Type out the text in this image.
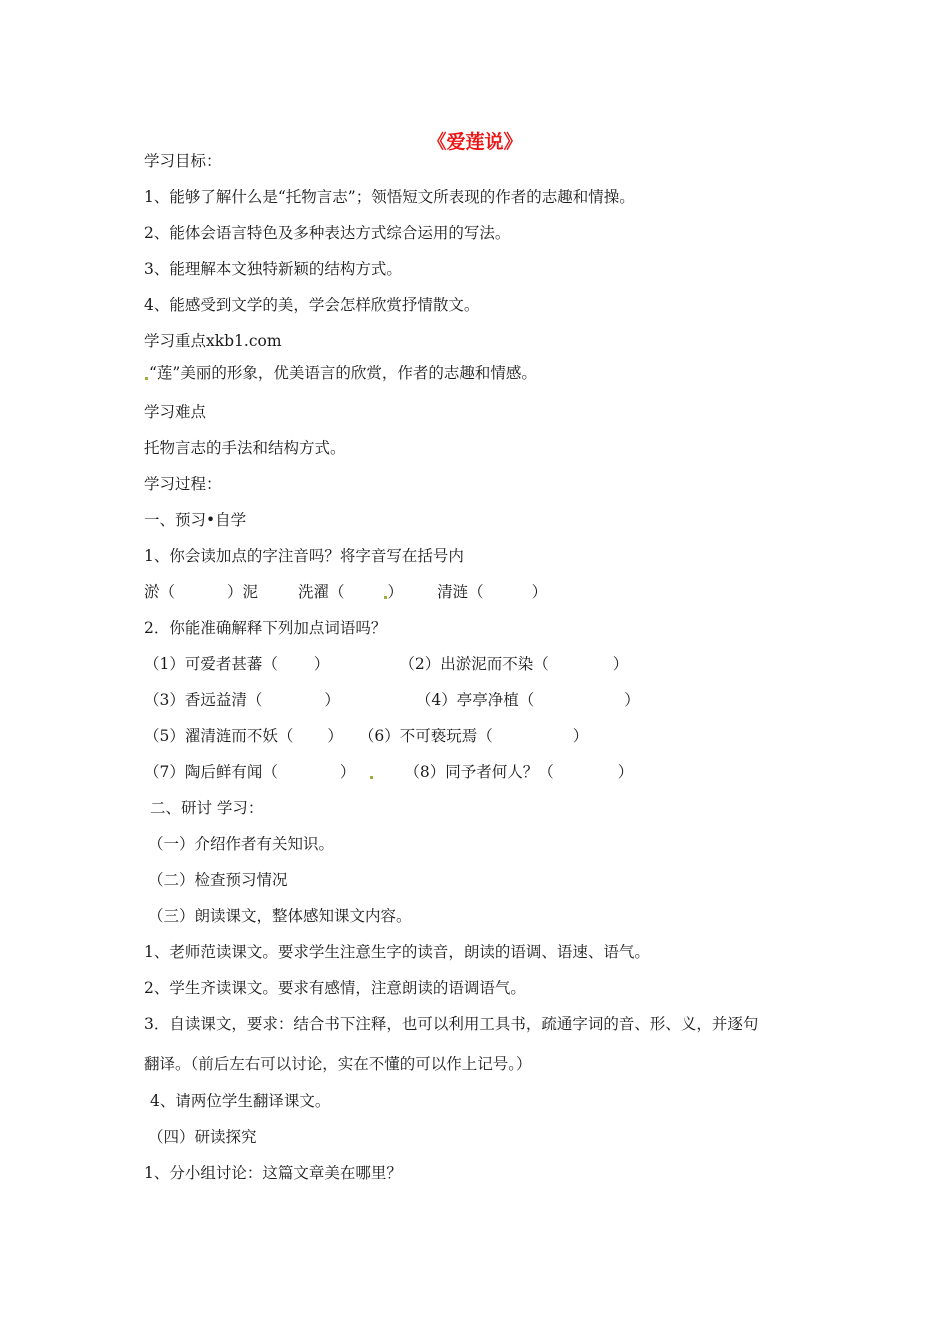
《爱莲说》
学习目标：
1、能够了解什么是“托物言志”；领悟短文所表现的作者的志趣和情操。
2、能体会语言特色及多种表达方式综合运用的写法。
3、能理解本文独特新颖的结构方式。
4、能感受到文学的美，学会怎样欣赏抒情散文。
学习重点xkb1.com
“莲”美丽的形象，优美语言的欣赏，作者的志趣和情感。
学习难点
托物言志的手法和结构方式。
学习过程：
一、预习•自学
1、你会读加点的字注音吗？将字音写在括号内
淤（	）泥	洗濯（	） 清涟（	）
2．你能准确解释下列加点词语吗？
（1）可爱者甚蕃（ ）	（2）出淤泥而不染（	）
（3）香远益清（	）	（4）亭亭净植（	）
（5）濯清涟而不妖（ ） （6）不可亵玩焉（	）
（7）陶后鲜有闻（	）	（8）同予者何人？（	）
二、研讨 学习：
（一）介绍作者有关知识。
（二）检查预习情况
（三）朗读课文，整体感知课文内容。
1、老师范读课文。要求学生注意生字的读音，朗读的语调、语速、语气。
2、学生齐读课文。要求有感情，注意朗读的语调语气。
3．自读课文，要求：结合书下注释，也可以利用工具书，疏通字词的音、形、义，并逐句
翻译。（前后左右可以讨论，实在不懂的可以作上记号。）
4、请两位学生翻译课文。
（四）研读探究
1、分小组讨论：这篇文章美在哪里？
